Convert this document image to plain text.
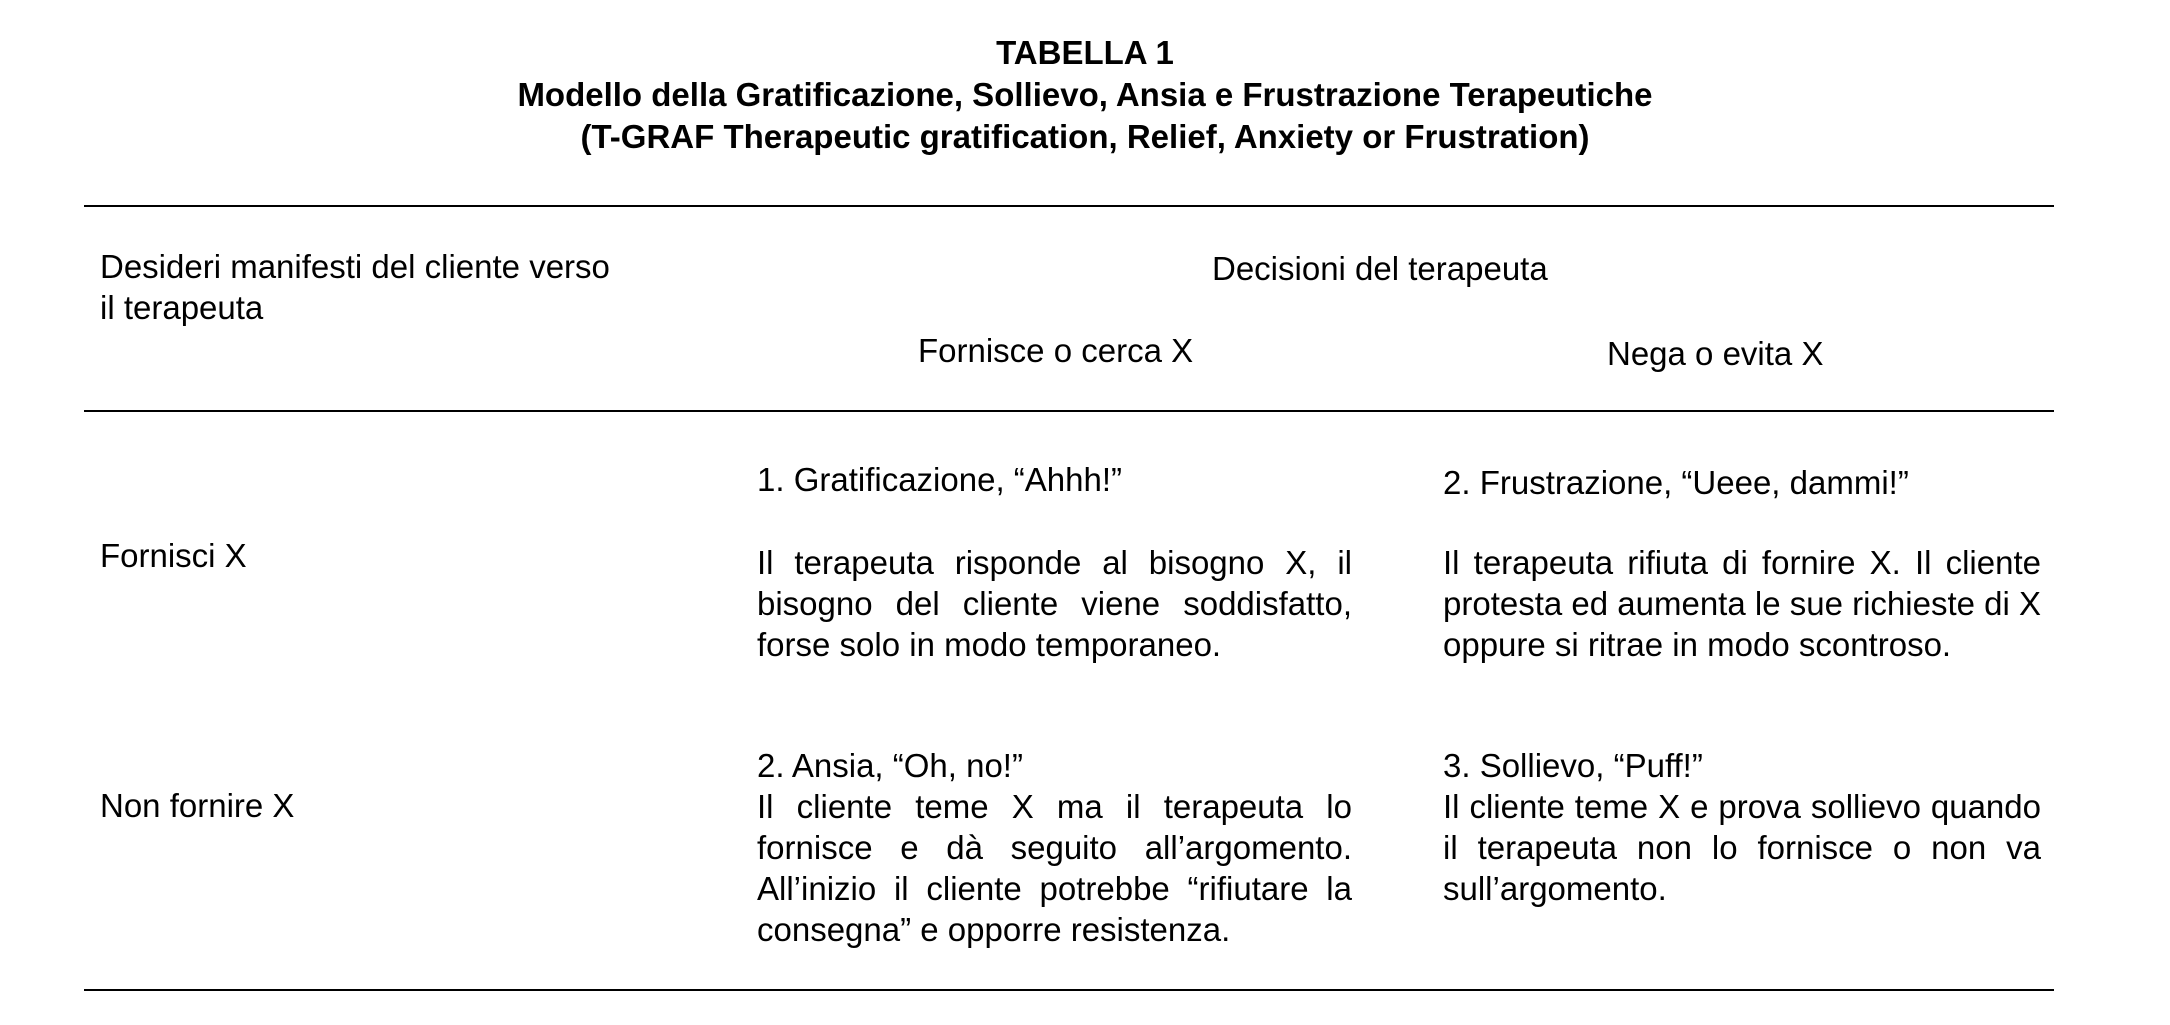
TABELLA 1
Modello della Gratificazione, Sollievo, Ansia e Frustrazione Terapeutiche
(T-GRAF Therapeutic gratification, Relief, Anxiety or Frustration)
Desideri manifesti del cliente verso il terapeuta
Decisioni del terapeuta
Fornisce o cerca X	Nega o evita X
Fornisci X
1. Gratificazione, “Ahhh!”
Il terapeuta risponde al bisogno X, il bisogno del cliente viene soddisfatto, forse solo in modo temporaneo.
2. Frustrazione, “Ueee, dammi!”
Il terapeuta rifiuta di fornire X. Il cliente protesta ed aumenta le sue richieste di X oppure si ritrae in modo scontroso.
Non fornire X
2. Ansia, “Oh, no!”
Il cliente teme X ma il terapeuta lo fornisce e dà seguito all’argomento. All’inizio il cliente potrebbe “rifiutare la consegna” e opporre resistenza.
3. Sollievo, “Puff!”
Il cliente teme X e prova sollievo quando il terapeuta non lo fornisce o non va sull’argomento.
